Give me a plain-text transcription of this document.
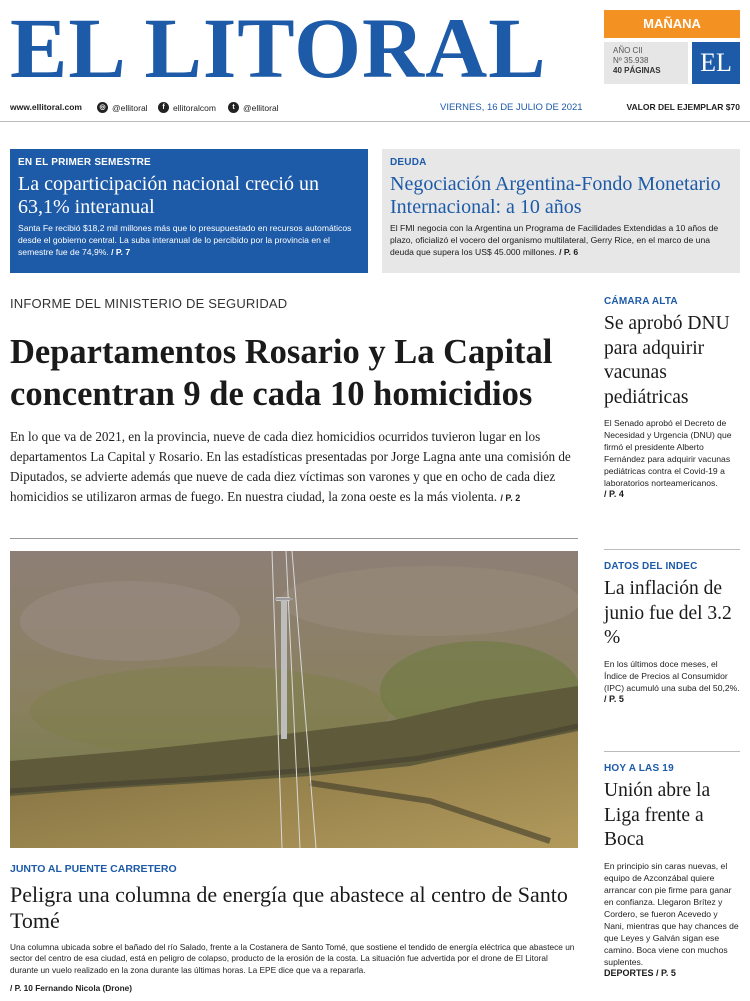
EL LITORAL	MAÑANA
AÑO CII
Nº 35.938
40 PÁGINAS	EL
www.ellitoral.com	◎ @ellitoral	f ellitoralcom	t @ellitoral	VIERNES, 16 DE JULIO DE 2021	VALOR DEL EJEMPLAR $70
EN EL PRIMER SEMESTRE
La coparticipación nacional creció un 63,1% interanual
Santa Fe recibió $18,2 mil millones más que lo presupuestado en recursos automáticos desde el gobierno central. La suba interanual de lo percibido por la provincia en el semestre fue de 74,9%. / P. 7
DEUDA
Negociación Argentina-Fondo Monetario Internacional: a 10 años
El FMI negocia con la Argentina un Programa de Facilidades Extendidas a 10 años de plazo, oficializó el vocero del organismo multilateral, Gerry Rice, en el marco de una deuda que supera los US$ 45.000 millones. / P. 6
INFORME DEL MINISTERIO DE SEGURIDAD
Departamentos Rosario y La Capital concentran 9 de cada 10 homicidios
En lo que va de 2021, en la provincia, nueve de cada diez homicidios ocurridos tuvieron lugar en los departamentos La Capital y Rosario. En las estadísticas presentadas por Jorge Lagna ante una comisión de Diputados, se advierte además que nueve de cada diez víctimas son varones y que en ocho de cada diez homicidios se utilizaron armas de fuego. En nuestra ciudad, la zona oeste es la más violenta. / P. 2
JUNTO AL PUENTE CARRETERO
Peligra una columna de energía que abastece al centro de Santo Tomé
Una columna ubicada sobre el bañado del río Salado, frente a la Costanera de Santo Tomé, que sostiene el tendido de energía eléctrica que abastece un sector del centro de esa ciudad, está en peligro de colapso, producto de la erosión de la costa. La situación fue advertida por el drone de El Litoral durante un vuelo realizado en la zona durante las últimas horas. La EPE dice que va a repararla.
/ P. 10 Fernando Nicola (Drone)
CÁMARA ALTA
Se aprobó DNU para adquirir vacunas pediátricas
El Senado aprobó el Decreto de Necesidad y Urgencia (DNU) que firmó el presidente Alberto Fernández para adquirir vacunas pediátricas contra el Covid-19 a laboratorios norteamericanos.
/ P. 4
DATOS DEL INDEC
La inflación de junio fue del 3.2 %
En los últimos doce meses, el Índice de Precios al Consumidor (IPC) acumuló una suba del 50,2%.
/ P. 5
HOY A LAS 19
Unión abre la Liga frente a Boca
En principio sin caras nuevas, el equipo de Azconzábal quiere arrancar con pie firme para ganar en confianza. Llegaron Brítez y Cordero, se fueron Acevedo y Nani, mientras que hay chances de que Leyes y Galván sigan ese camino. Boca viene con muchos suplentes.
DEPORTES / P. 5
